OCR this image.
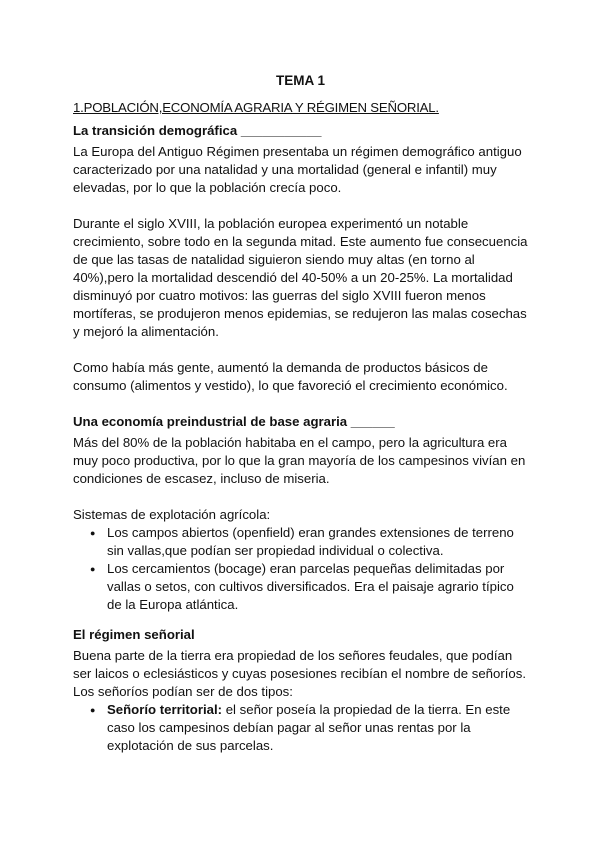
TEMA 1
1.POBLACIÓN,ECONOMÍA AGRARIA Y RÉGIMEN SEÑORIAL.
La transición demográfica ___________

La Europa del Antiguo Régimen presentaba un régimen demográfico antiguo caracterizado por una natalidad y una mortalidad (general e infantil) muy elevadas, por lo que la población crecía poco.

Durante el siglo XVIII, la población europea experimentó un notable crecimiento, sobre todo en la segunda mitad. Este aumento fue consecuencia de que las tasas de natalidad siguieron siendo muy altas (en torno al 40%),pero la mortalidad descendió del 40-50% a un 20-25%. La mortalidad disminuyó por cuatro motivos: las guerras del siglo XVIII fueron menos mortíferas, se produjeron menos epidemias, se redujeron las malas cosechas y mejoró la alimentación.

Como había más gente, aumentó la demanda de productos básicos de consumo (alimentos y vestido), lo que favoreció el crecimiento económico.

Una economía preindustrial de base agraria ______

Más del 80% de la población habitaba en el campo, pero la agricultura era muy poco productiva, por lo que la gran mayoría de los campesinos vivían en condiciones de escasez, incluso de miseria.

Sistemas de explotación agrícola:

● Los campos abiertos (openfield) eran grandes extensiones de terreno sin vallas,que podían ser propiedad individual o colectiva.
● Los cercamientos (bocage) eran parcelas pequeñas delimitadas por vallas o setos, con cultivos diversificados. Era el paisaje agrario típico de la Europa atlántica.
El régimen señorial

Buena parte de la tierra era propiedad de los señores feudales, que podían ser laicos o eclesiásticos y cuyas posesiones recibían el nombre de señoríos. Los señoríos podían ser de dos tipos:

● Señorío territorial: el señor poseía la propiedad de la tierra. En este caso los campesinos debían pagar al señor unas rentas por la explotación de sus parcelas.
